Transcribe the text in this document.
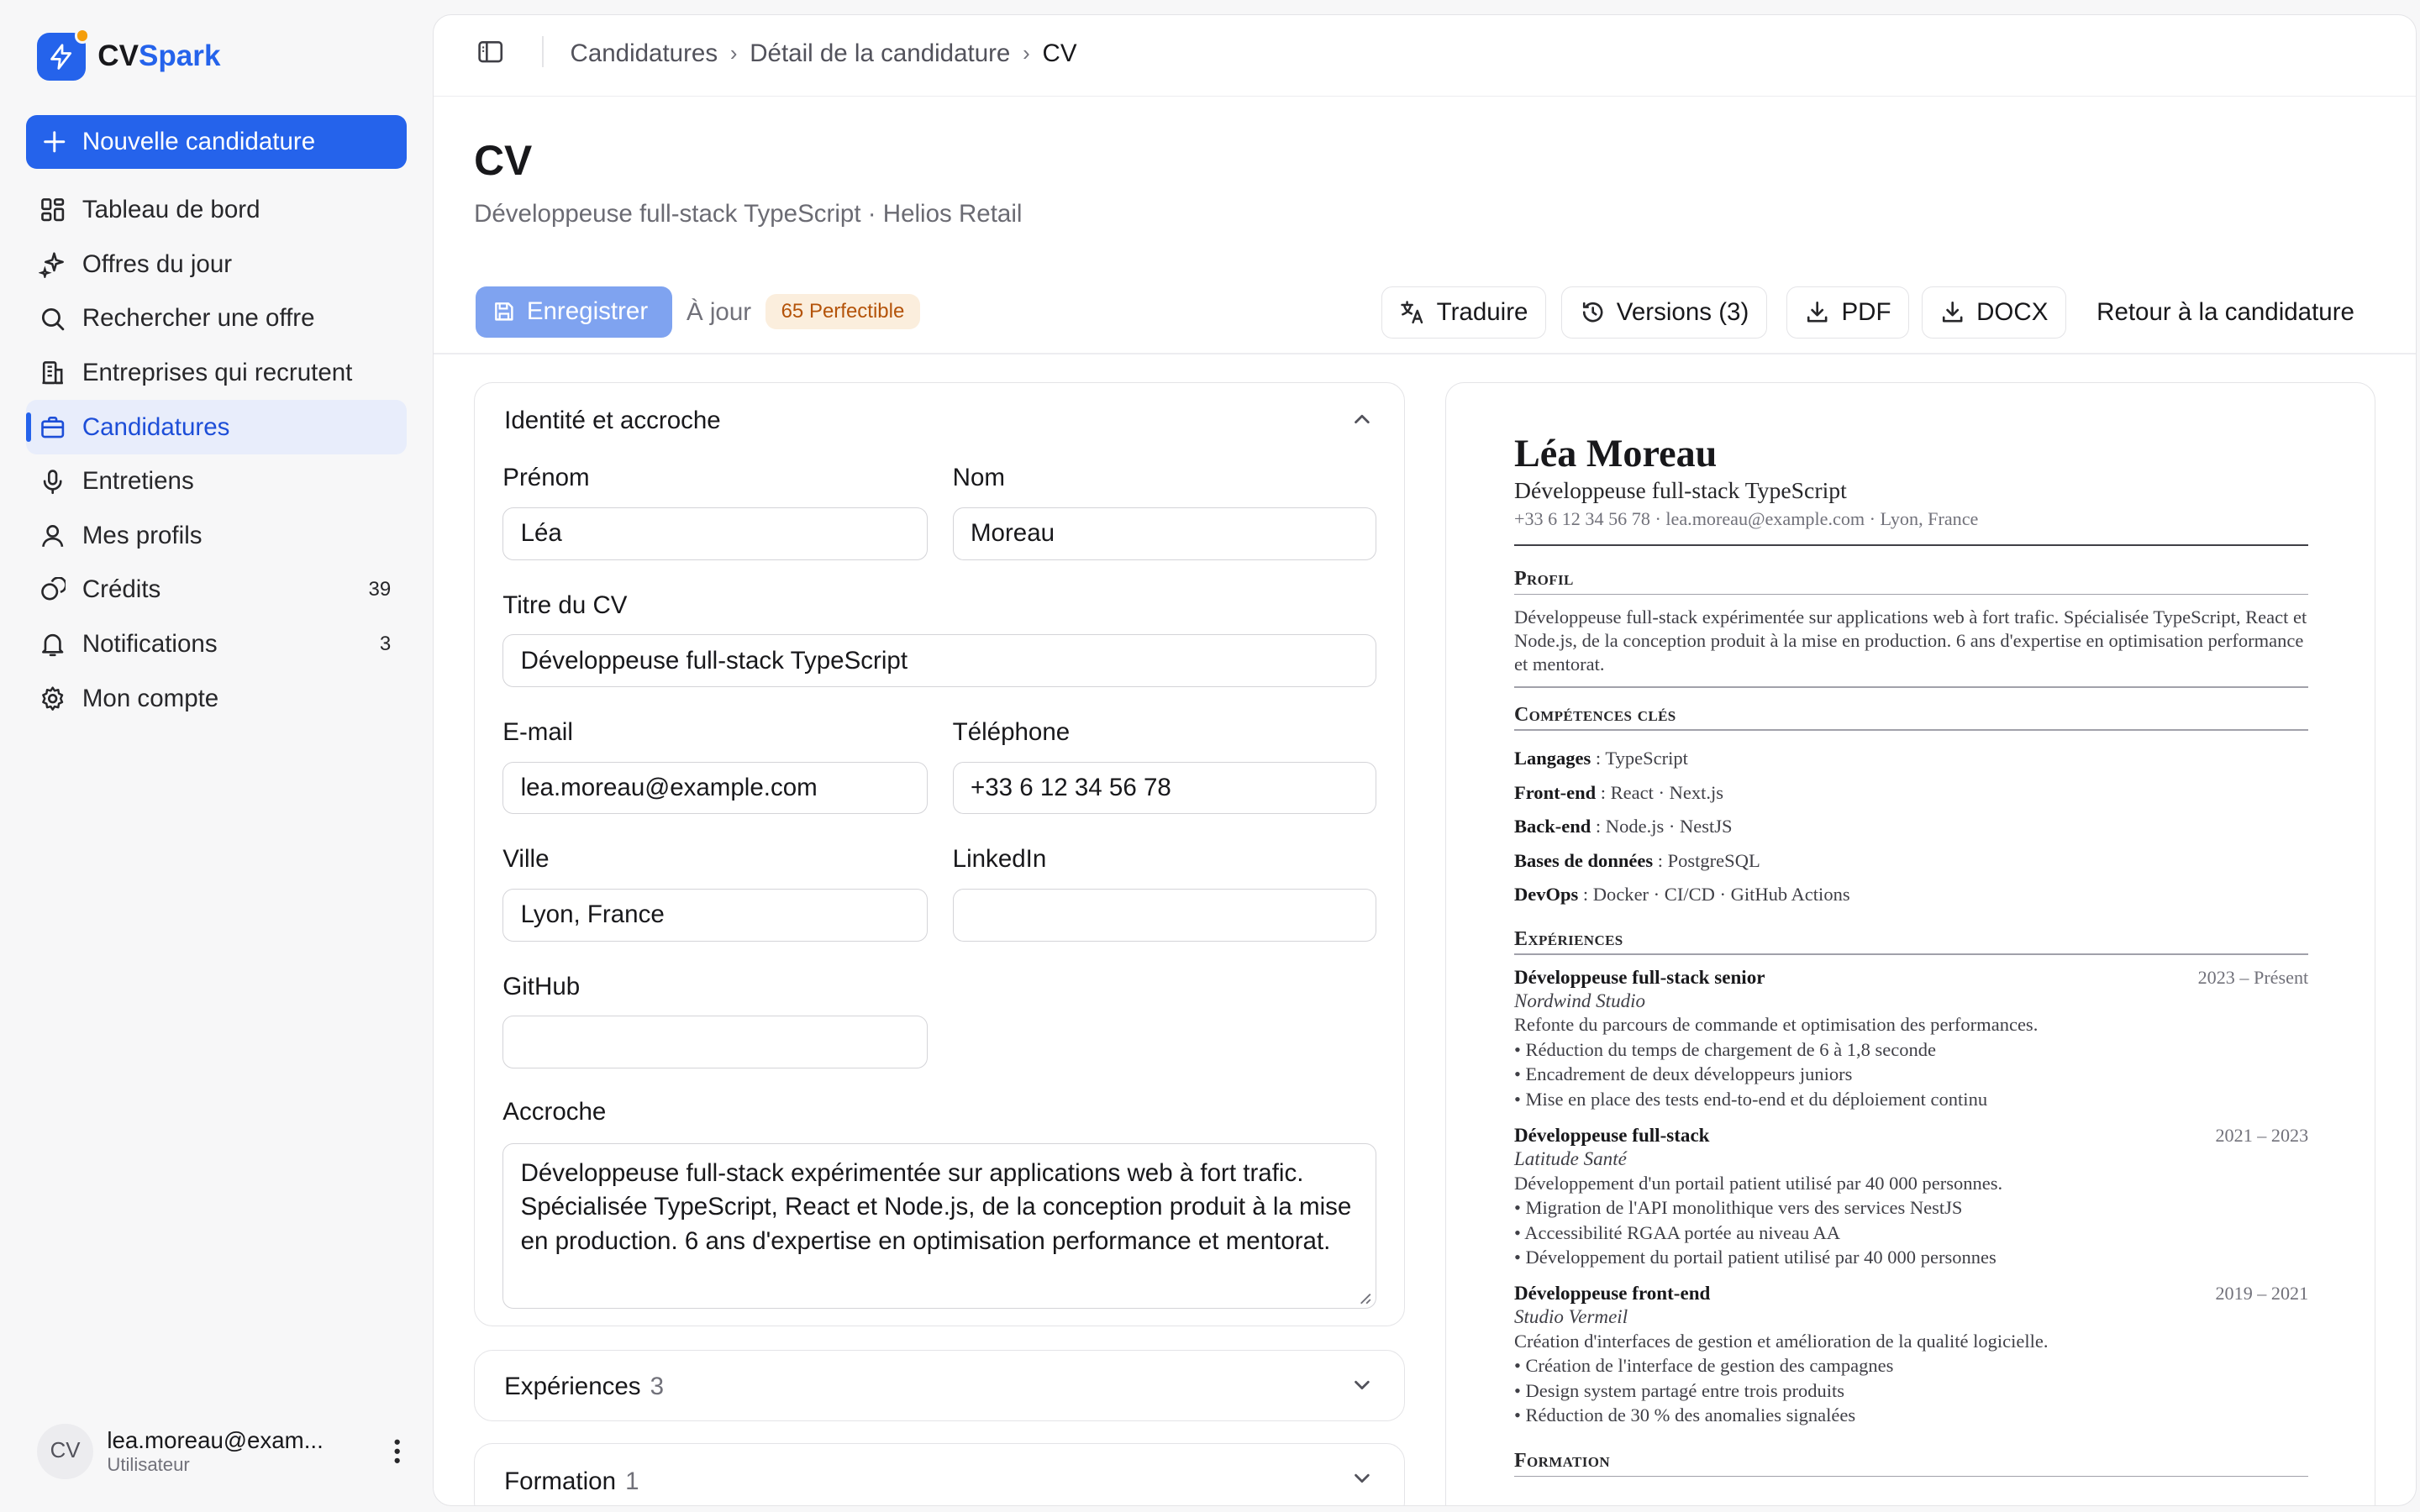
CVSpark
Nouvelle candidature
Tableau de bord
Offres du jour
Rechercher une offre
Entreprises qui recrutent
Candidatures
Entretiens
Mes profils
Crédits	39
Notifications	3
Mon compte
CV	lea.moreau@exam...
Utilisateur
Candidatures › Détail de la candidature › CV
CV
Développeuse full-stack TypeScript · Helios Retail
Enregistrer	À jour	65 Perfectible	Traduire	Versions (3)	PDF	DOCX	Retour à la candidature
Identité et accroche
Prénom
Léa
Nom
Moreau
Titre du CV
Développeuse full-stack TypeScript
E-mail
lea.moreau@example.com
Téléphone
+33 6 12 34 56 78
Ville
Lyon, France
LinkedIn
GitHub
Accroche
Développeuse full-stack expérimentée sur applications web à fort trafic. Spécialisée TypeScript, React et Node.js, de la conception produit à la mise en production. 6 ans d'expertise en optimisation performance et mentorat.
Expériences 3
Formation 1
Léa Moreau
Développeuse full-stack TypeScript
+33 6 12 34 56 78 · lea.moreau@example.com · Lyon, France
Profil
Développeuse full-stack expérimentée sur applications web à fort trafic. Spécialisée TypeScript, React et Node.js, de la conception produit à la mise en production. 6 ans d'expertise en optimisation performance et mentorat.
Compétences clés
Langages : TypeScript
Front-end : React · Next.js
Back-end : Node.js · NestJS
Bases de données : PostgreSQL
DevOps : Docker · CI/CD · GitHub Actions
Expériences
Développeuse full-stack senior	2023 – Présent
Nordwind Studio
Refonte du parcours de commande et optimisation des performances.
• Réduction du temps de chargement de 6 à 1,8 seconde
• Encadrement de deux développeurs juniors
• Mise en place des tests end-to-end et du déploiement continu
Développeuse full-stack	2021 – 2023
Latitude Santé
Développement d'un portail patient utilisé par 40 000 personnes.
• Migration de l'API monolithique vers des services NestJS
• Accessibilité RGAA portée au niveau AA
• Développement du portail patient utilisé par 40 000 personnes
Développeuse front-end	2019 – 2021
Studio Vermeil
Création d'interfaces de gestion et amélioration de la qualité logicielle.
• Création de l'interface de gestion des campagnes
• Design system partagé entre trois produits
• Réduction de 30 % des anomalies signalées
Formation
